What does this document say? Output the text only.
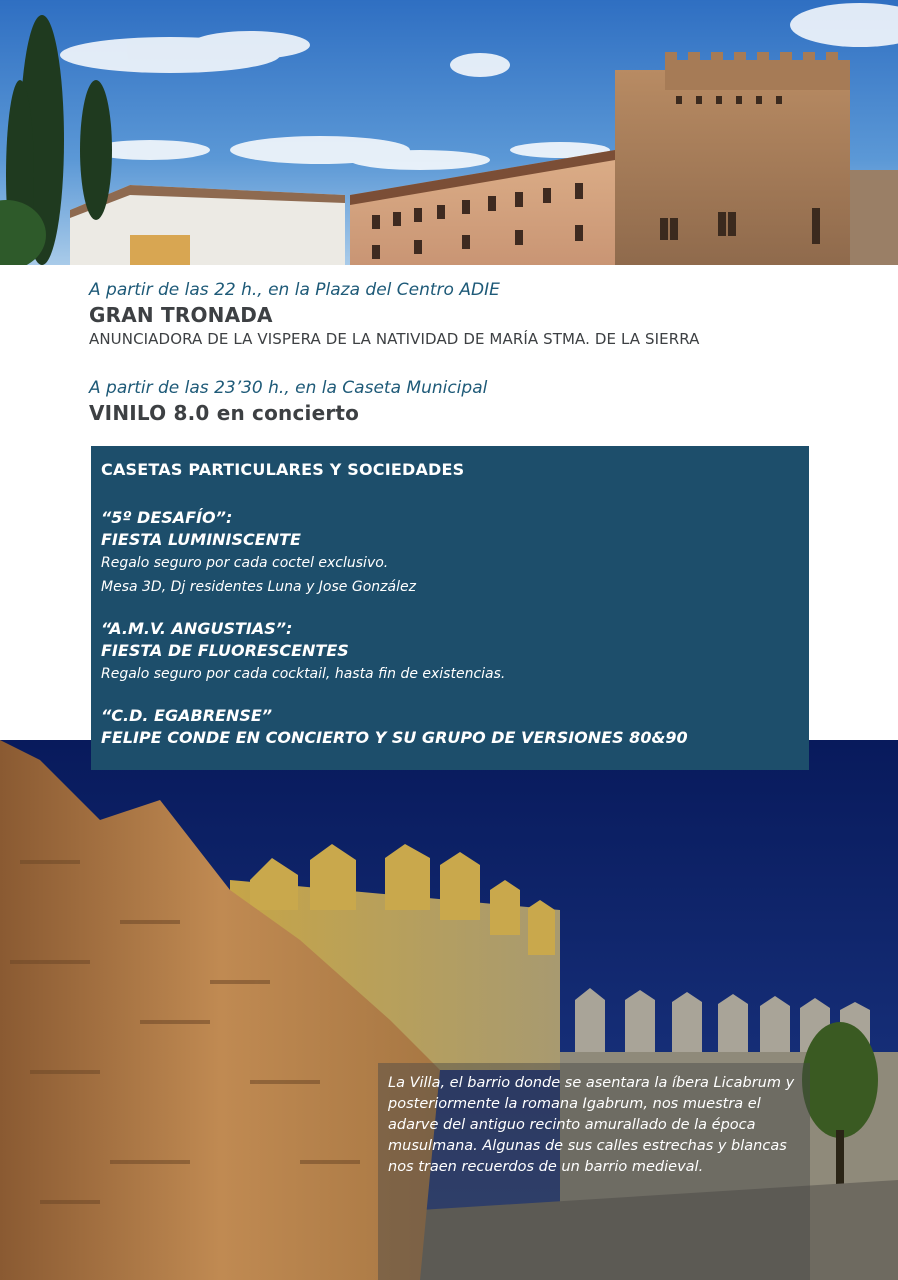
A partir de las 22 h., en la Plaza del Centro ADIE

GRAN TRONADA

ANUNCIADORA DE LA VISPERA DE LA NATIVIDAD DE MARÍA STMA. DE LA SIERRA

A partir de las 23’30 h., en la Caseta Municipal

VINILO 8.0 en concierto

CASETAS PARTICULARES Y SOCIEDADES

“5º DESAFÍO”:

FIESTA LUMINISCENTE

Regalo seguro por cada coctel exclusivo.

Mesa 3D, Dj residentes Luna y Jose González

“A.M.V. ANGUSTIAS”:

FIESTA DE FLUORESCENTES

Regalo seguro por cada cocktail, hasta fin de existencias.

“C.D. EGABRENSE”

FELIPE CONDE EN CONCIERTO Y SU GRUPO DE VERSIONES 80&90

La Villa, el barrio donde se asentara la íbera Licabrum y posteriormente la romana Igabrum, nos muestra el adarve del antiguo recinto amurallado de la época musulmana. Algunas de sus calles estrechas y blancas nos traen recuerdos de un barrio medieval.
